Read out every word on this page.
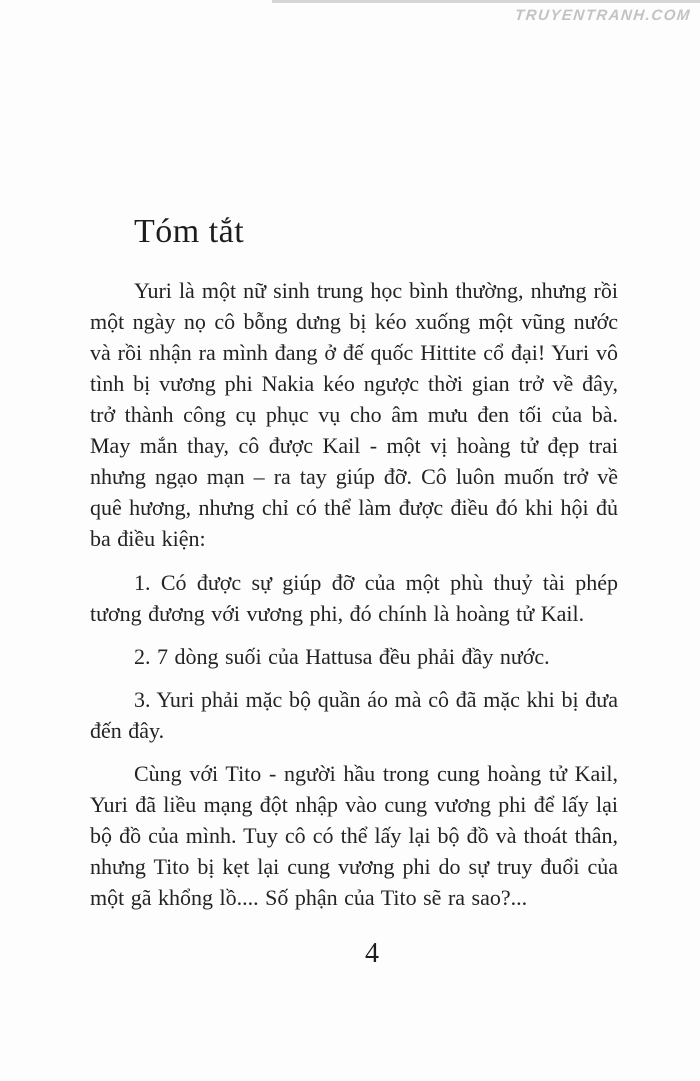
TRUYENTRANH.COM
Tóm tắt

Yuri là một nữ sinh trung học bình thường, nhưng rồi một ngày nọ cô bỗng dưng bị kéo xuống một vũng nước và rồi nhận ra mình đang ở đế quốc Hittite cổ đại! Yuri vô tình bị vương phi Nakia kéo ngược thời gian trở về đây, trở thành công cụ phục vụ cho âm mưu đen tối của bà. May mắn thay, cô được Kail - một vị hoàng tử đẹp trai nhưng ngạo mạn – ra tay giúp đỡ. Cô luôn muốn trở về quê hương, nhưng chỉ có thể làm được điều đó khi hội đủ ba điều kiện:

1. Có được sự giúp đỡ của một phù thuỷ tài phép tương đương với vương phi, đó chính là hoàng tử Kail.

2. 7 dòng suối của Hattusa đều phải đầy nước.

3. Yuri phải mặc bộ quần áo mà cô đã mặc khi bị đưa đến đây.

Cùng với Tito - người hầu trong cung hoàng tử Kail, Yuri đã liều mạng đột nhập vào cung vương phi để lấy lại bộ đồ của mình. Tuy cô có thể lấy lại bộ đồ và thoát thân, nhưng Tito bị kẹt lại cung vương phi do sự truy đuổi của một gã khổng lồ.... Số phận của Tito sẽ ra sao?...

4
